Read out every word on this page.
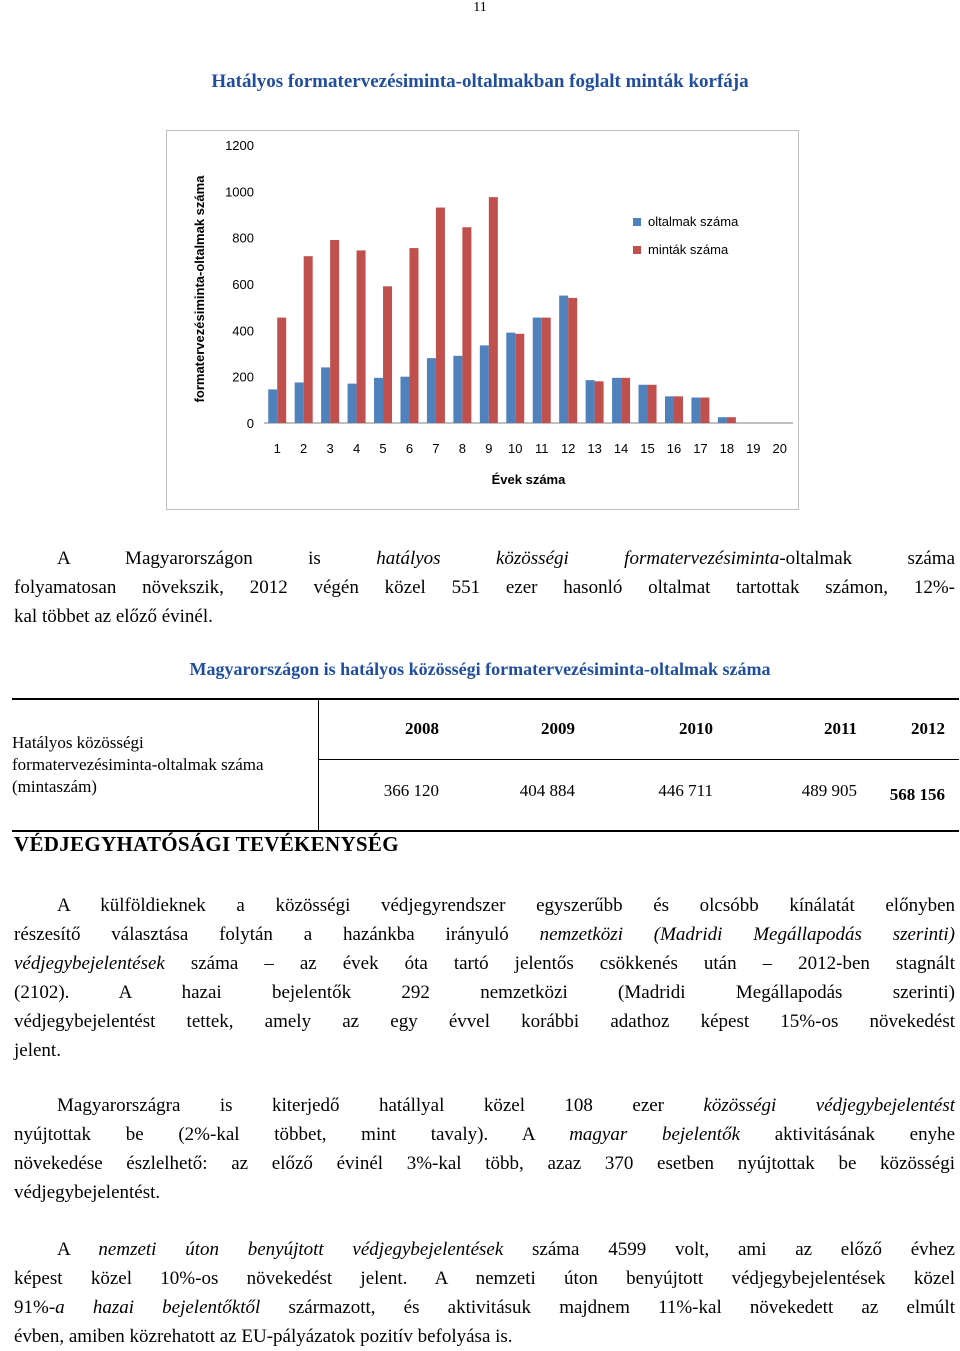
11
Hatályos formatervezésiminta-oltalmakban foglalt minták korfája
0
200
400
600
800
1000
1200
1 2 3 4 5 6 7 8 9 10 11 12 13 14 15 16 17 18 19 20
Évek száma
formatervezésiminta-oltalmak száma	oltalmak száma
minták száma
A Magyarországon is hatályos közösségi formatervezésiminta-oltalmak száma
folyamatosan növekszik, 2012 végén közel 551 ezer hasonló oltalmat tartottak számon, 12%-
kal többet az előző évinél.
Magyarországon is hatályos közösségi formatervezésiminta-oltalmak száma
Hatályos közösségi
formatervezésiminta-oltalmak száma
(mintaszám)	2008	2009	2010	2011	2012
	366 120	404 884	446 711	489 905	568 156
VÉDJEGYHATÓSÁGI TEVÉKENYSÉG
A külföldieknek a közösségi védjegyrendszer egyszerűbb és olcsóbb kínálatát előnyben
részesítő választása folytán a hazánkba irányuló nemzetközi (Madridi Megállapodás szerinti)
védjegybejelentések száma – az évek óta tartó jelentős csökkenés után – 2012-ben stagnált
(2102). A hazai bejelentők 292 nemzetközi (Madridi Megállapodás szerinti)
védjegybejelentést tettek, amely az egy évvel korábbi adathoz képest 15%-os növekedést
jelent.
Magyarországra is kiterjedő hatállyal közel 108 ezer közösségi védjegybejelentést
nyújtottak be (2%-kal többet, mint tavaly). A magyar bejelentők aktivitásának enyhe
növekedése észlelhető: az előző évinél 3%-kal több, azaz 370 esetben nyújtottak be közösségi
védjegybejelentést.
A nemzeti úton benyújtott védjegybejelentések száma 4599 volt, ami az előző évhez
képest közel 10%-os növekedést jelent. A nemzeti úton benyújtott védjegybejelentések közel
91%-a hazai bejelentőktől származott, és aktivitásuk majdnem 11%-kal növekedett az elmúlt
évben, amiben közrehatott az EU-pályázatok pozitív befolyása is.
